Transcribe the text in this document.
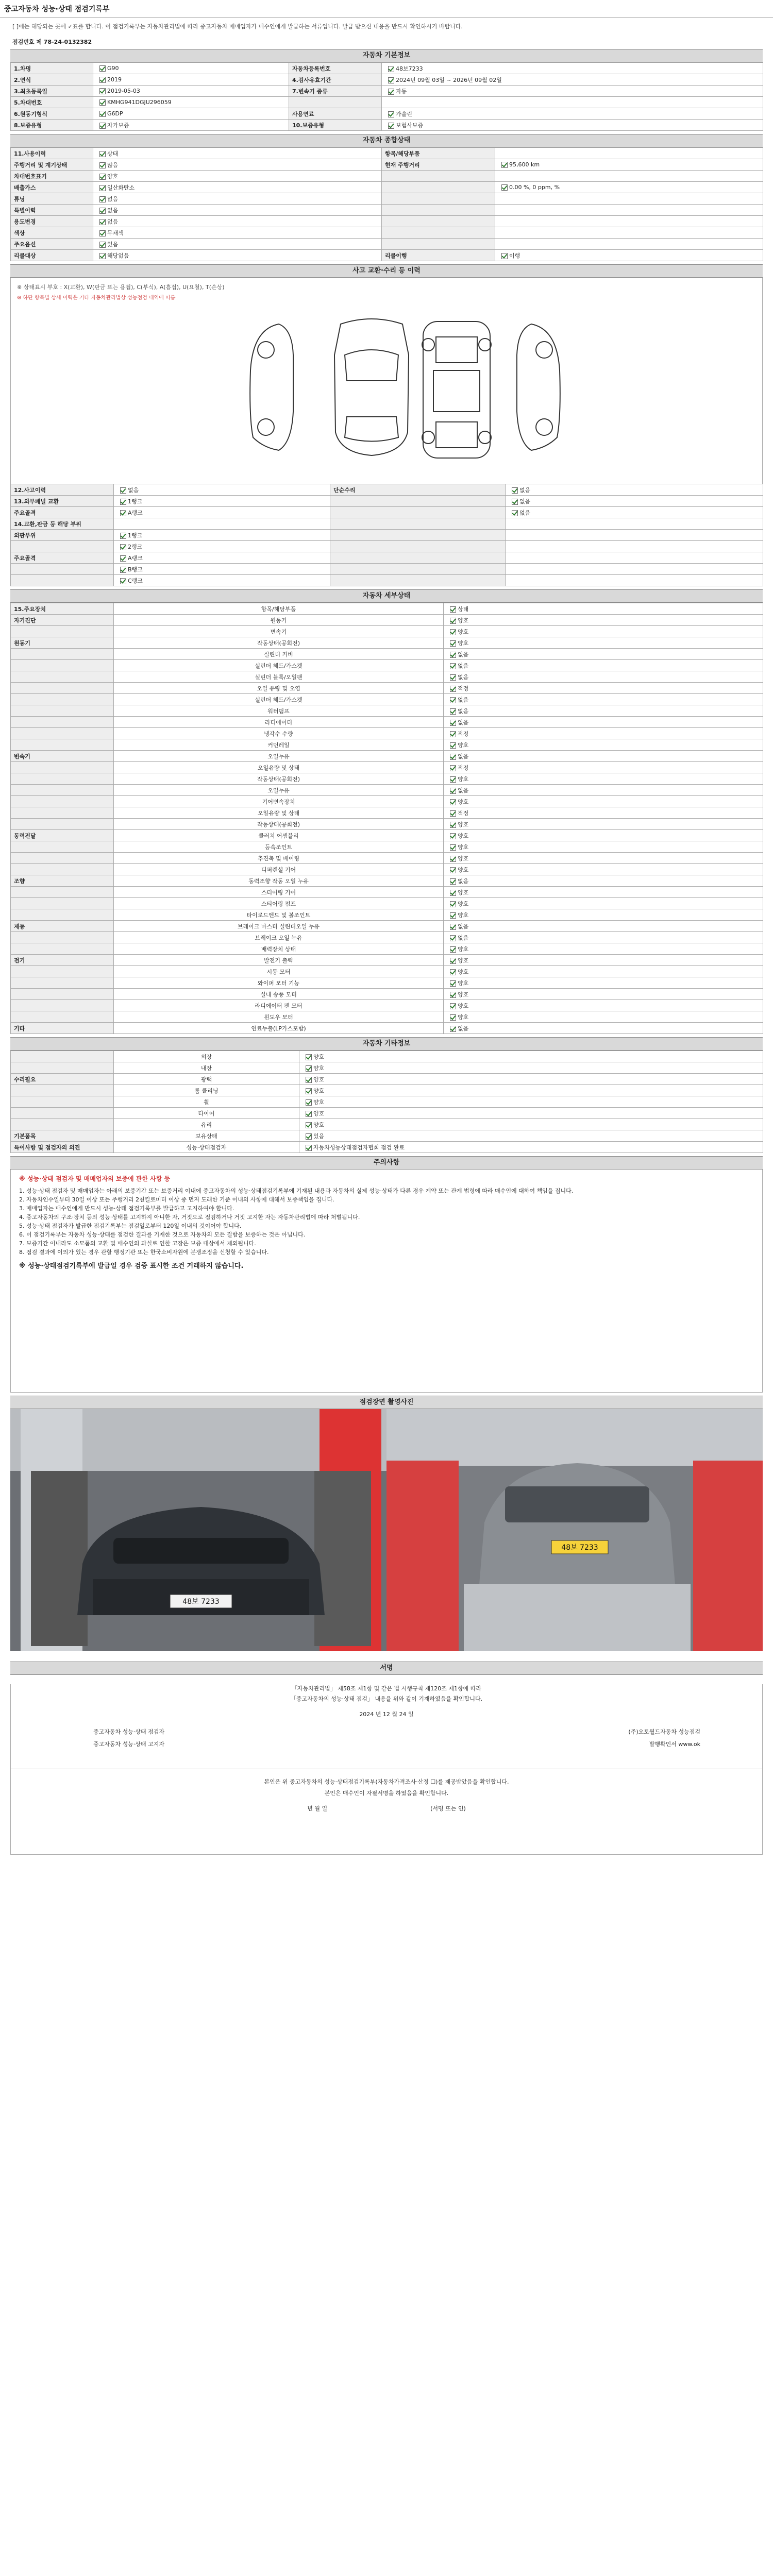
중고자동차 성능·상태 점검기록부
[ ]에는 해당되는 곳에 ✓표를 합니다. 이 점검기록부는 자동차관리법에 따라 중고자동차 매매업자가 매수인에게 발급하는 서류입니다. 발급 받으신 내용을 반드시 확인하시기 바랍니다.
점검번호 제 78-24-0132382
자동차 기본정보
1.차명	G90	자동차등록번호	48보7233
2.연식	2019	4.검사유효기간	2024년 09월 03일 ~ 2026년 09월 02일
3.최초등록일	2019-05-03	7.변속기 종류	자동
5.차대번호	KMHG941DGJU296059		
6.원동기형식	G6DP	사용연료	가솔린
8.보증유형	자가보증	10.보증유형	보험사보증
자동차 종합상태
11.사용이력	상태	항목/해당부품	
주행거리 및 계기상태	많음	현재 주행거리	95,600 km
차대번호표기	양호		
배출가스	일산화탄소		0.00 %, 0 ppm, %
튜닝	없음		
특별이력	없음		
용도변경	없음		
색상	무채색		
주요옵션	있음		
리콜대상	해당없음	리콜이행	이행
사고 교환·수리 등 이력
※ 상태표시 부호 : X(교환), W(판금 또는 용접), C(부식), A(흠집), U(요철), T(손상)
※ 하단 항목별 상세 이력은 기타 자동차관리법상 성능점검 내역에 따름
12.사고이력	없음	단순수리	없음
13.외부패널 교환	1랭크		없음
주요골격	A랭크		없음
14.교환,판금 등 해당 부위			
외판부위	1랭크		
	2랭크		
주요골격	A랭크		
	B랭크		
	C랭크		
자동차 세부상태
15.주요장치	항목/해당부품	상태
자기진단	원동기	양호
	변속기	양호
원동기	작동상태(공회전)	양호
	실린더 커버	없음
	실린더 헤드/가스켓	없음
	실린더 블록/오일팬	없음
	오일 유량 및 오염	적정
	실린더 헤드/가스켓	없음
	워터펌프	없음
	라디에이터	없음
	냉각수 수량	적정
	커먼레일	양호
변속기	오일누유	없음
	오일유량 및 상태	적정
	작동상태(공회전)	양호
	오일누유	없음
	기어변속장치	양호
	오일유량 및 상태	적정
	작동상태(공회전)	양호
동력전달	클러치 어셈블리	양호
	등속조인트	양호
	추진축 및 베어링	양호
	디퍼렌셜 기어	양호
조향	동력조향 작동 오일 누유	없음
	스티어링 기어	양호
	스티어링 펌프	양호
	타이로드엔드 및 볼조인트	양호
제동	브레이크 마스터 실린더오일 누유	없음
	브레이크 오일 누유	없음
	배력장치 상태	양호
전기	발전기 출력	양호
	시동 모터	양호
	와이퍼 모터 기능	양호
	실내 송풍 모터	양호
	라디에이터 팬 모터	양호
	윈도우 모터	양호
기타	연료누출(LP가스포함)	없음
자동차 기타정보
	외장	양호
	내장	양호
수리필요	광택	양호
	룸 클리닝	양호
	휠	양호
	타이어	양호
	유리	양호
기본품목	보유상태	있음
특이사항 및 점검자의 의견	성능·상태점검자	자동차성능상태점검자협회 점검 완료
주의사항
※ 성능·상태 점검자 및 매매업자의 보증에 관한 사항 등
1. 성능·상태 점검자 및 매매업자는 아래의 보증기간 또는 보증거리 이내에 중고자동차의 성능·상태점검기록부에 기재된 내용과 자동차의 실제 성능·상태가 다른 경우 계약 또는 관계 법령에 따라 매수인에 대하여 책임을 집니다.
2. 자동차인수일부터 30일 이상 또는 주행거리 2천킬로미터 이상 중 먼저 도래한 기준 이내의 사항에 대해서 보증책임을 집니다.
3. 매매업자는 매수인에게 반드시 성능·상태 점검기록부를 발급하고 고지하여야 합니다.
4. 중고자동차의 구조·장치 등의 성능·상태를 고지하지 아니한 자, 거짓으로 점검하거나 거짓 고지한 자는 자동차관리법에 따라 처벌됩니다.
5. 성능·상태 점검자가 발급한 점검기록부는 점검일로부터 120일 이내의 것이어야 합니다.
6. 이 점검기록부는 자동차 성능·상태를 점검한 결과를 기재한 것으로 자동차의 모든 결함을 보증하는 것은 아닙니다.
7. 보증기간 이내라도 소모품의 교환 및 매수인의 과실로 인한 고장은 보증 대상에서 제외됩니다.
8. 점검 결과에 이의가 있는 경우 관할 행정기관 또는 한국소비자원에 분쟁조정을 신청할 수 있습니다.
※ 성능·상태점검기록부에 발급일 경우 검증 표시한 조건 거래하지 않습니다.
점검장면 촬영사진
48보 7233
48보 7233
서명
「자동차관리법」 제58조 제1항 및 같은 법 시행규칙 제120조 제1항에 따라
「중고자동차의 성능·상태 점검」 내용을 위와 같이 기재하였음을 확인합니다.
2024 년 12 월 24 일
중고자동차 성능·상태 점검자	(주)오토월드자동차 성능점검
중고자동차 성능·상태 고지자	발행확인서 www.ok
본인은 위 중고자동차의 성능·상태점검기록부(자동차가격조사·산정 ☐)를 제공받았음을 확인합니다.
본인은 매수인이 자필서명을 하였음을 확인합니다.
년 월 일	(서명 또는 인)
